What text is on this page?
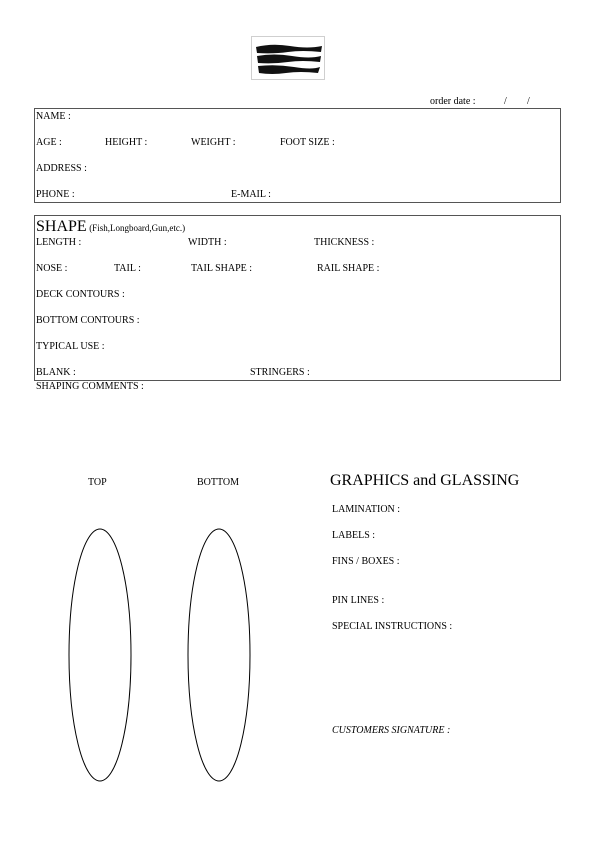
order date :	/ /
NAME :
AGE :	HEIGHT :	WEIGHT :	FOOT SIZE :
ADDRESS :
PHONE :	E-MAIL :
SHAPE (Fish,Longboard,Gun,etc.)
LENGTH :	WIDTH :	THICKNESS :
NOSE :	TAIL :	TAIL SHAPE :	RAIL SHAPE :
DECK CONTOURS :
BOTTOM CONTOURS :
TYPICAL USE :
BLANK :	STRINGERS :
SHAPING COMMENTS :
TOP	BOTTOM	GRAPHICS and GLASSING
LAMINATION :
LABELS :
FINS / BOXES :
PIN LINES :
SPECIAL INSTRUCTIONS :
CUSTOMERS SIGNATURE :
